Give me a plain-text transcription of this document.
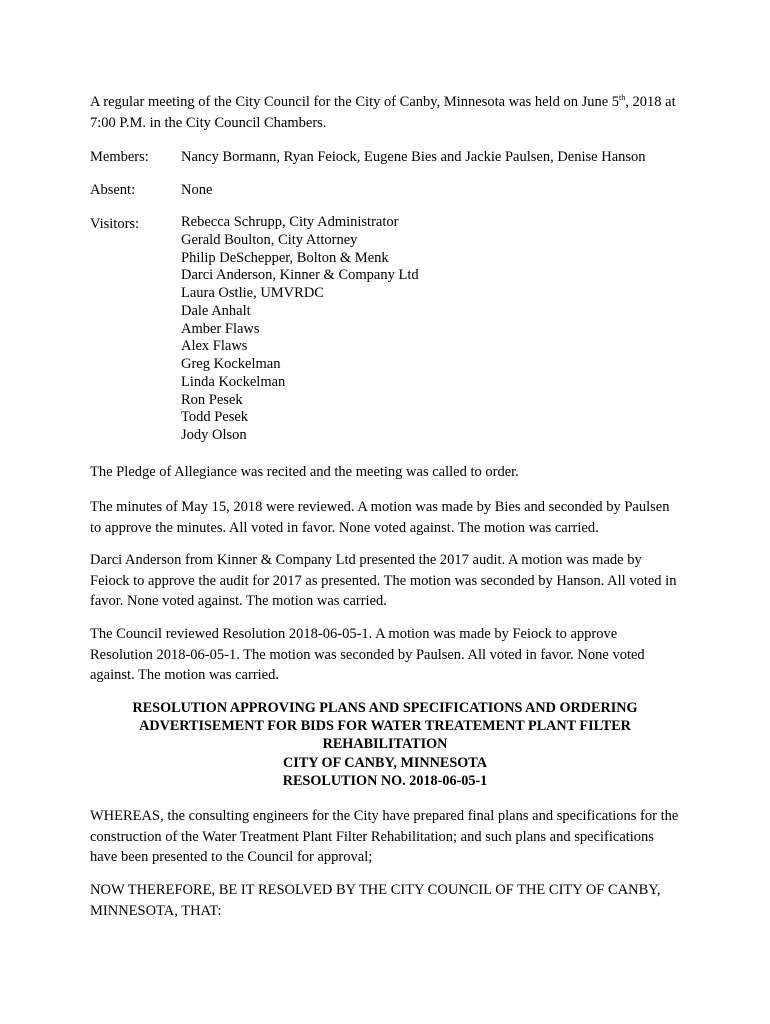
A regular meeting of the City Council for the City of Canby, Minnesota was held on June 5th, 2018 at 7:00 P.M. in the City Council Chambers.
Members: Nancy Bormann, Ryan Feiock, Eugene Bies and Jackie Paulsen, Denise Hanson
Absent:	None
Visitors:	Rebecca Schrupp, City Administrator
Gerald Boulton, City Attorney
Philip DeSchepper, Bolton & Menk
Darci Anderson, Kinner & Company Ltd
Laura Ostlie, UMVRDC
Dale Anhalt
Amber Flaws
Alex Flaws
Greg Kockelman
Linda Kockelman
Ron Pesek
Todd Pesek
Jody Olson
The Pledge of Allegiance was recited and the meeting was called to order.
The minutes of May 15, 2018 were reviewed. A motion was made by Bies and seconded by Paulsen to approve the minutes. All voted in favor. None voted against. The motion was carried.
Darci Anderson from Kinner & Company Ltd presented the 2017 audit. A motion was made by Feiock to approve the audit for 2017 as presented. The motion was seconded by Hanson. All voted in favor. None voted against. The motion was carried.
The Council reviewed Resolution 2018-06-05-1. A motion was made by Feiock to approve Resolution 2018-06-05-1. The motion was seconded by Paulsen. All voted in favor. None voted against. The motion was carried.
RESOLUTION APPROVING PLANS AND SPECIFICATIONS AND ORDERING
ADVERTISEMENT FOR BIDS FOR WATER TREATEMENT PLANT FILTER
REHABILITATION
CITY OF CANBY, MINNESOTA
RESOLUTION NO. 2018-06-05-1
WHEREAS, the consulting engineers for the City have prepared final plans and specifications for the construction of the Water Treatment Plant Filter Rehabilitation; and such plans and specifications have been presented to the Council for approval;
NOW THEREFORE, BE IT RESOLVED BY THE CITY COUNCIL OF THE CITY OF CANBY, MINNESOTA, THAT:
